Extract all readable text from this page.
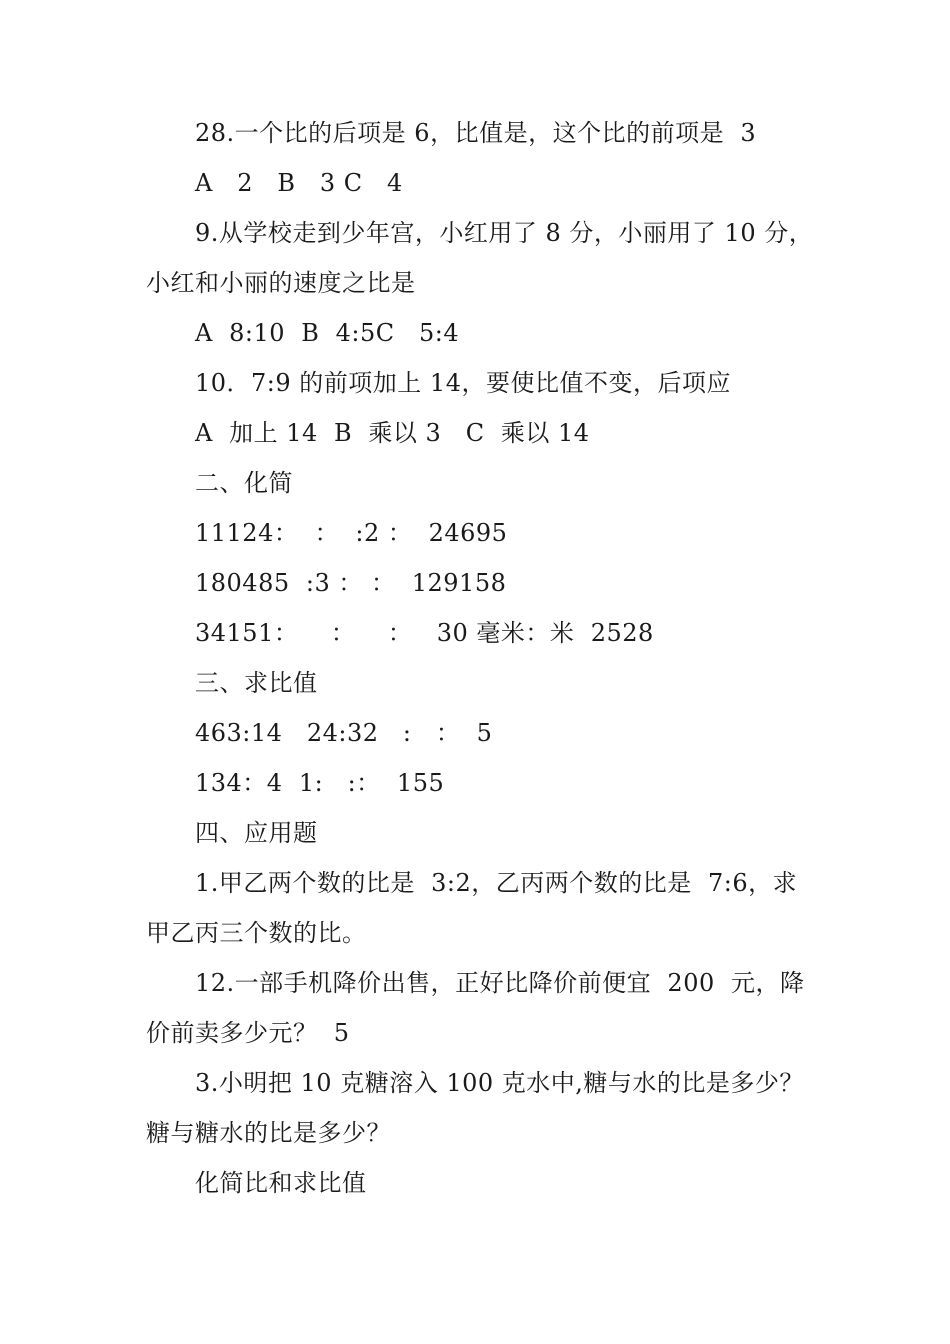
28.一个比的后项是 6，比值是，这个比的前项是  3
A   2   B   3 C   4
9.从学校走到少年宫，小红用了 8 分，小丽用了 10 分，
小红和小丽的速度之比是
A  8:10  B  4:5C   5:4
10．7:9 的前项加上 14，要使比值不变，后项应
A  加上 14  B  乘以 3   C  乘以 14
二、化简
11124：  ：  :2 ：  24695
180485  :3 ： ：  129158
34151：    ：    ：   30 毫米：米  2528
三、求比值
463:14   24:32   :   ：  5
134：4  1:   :：  155
四、应用题
1.甲乙两个数的比是  3:2，乙丙两个数的比是  7:6，求
甲乙丙三个数的比。
12.一部手机降价出售，正好比降价前便宜  200  元，降
价前卖多少元？  5
3.小明把 10 克糖溶入 100 克水中,糖与水的比是多少？
糖与糖水的比是多少？
化简比和求比值
